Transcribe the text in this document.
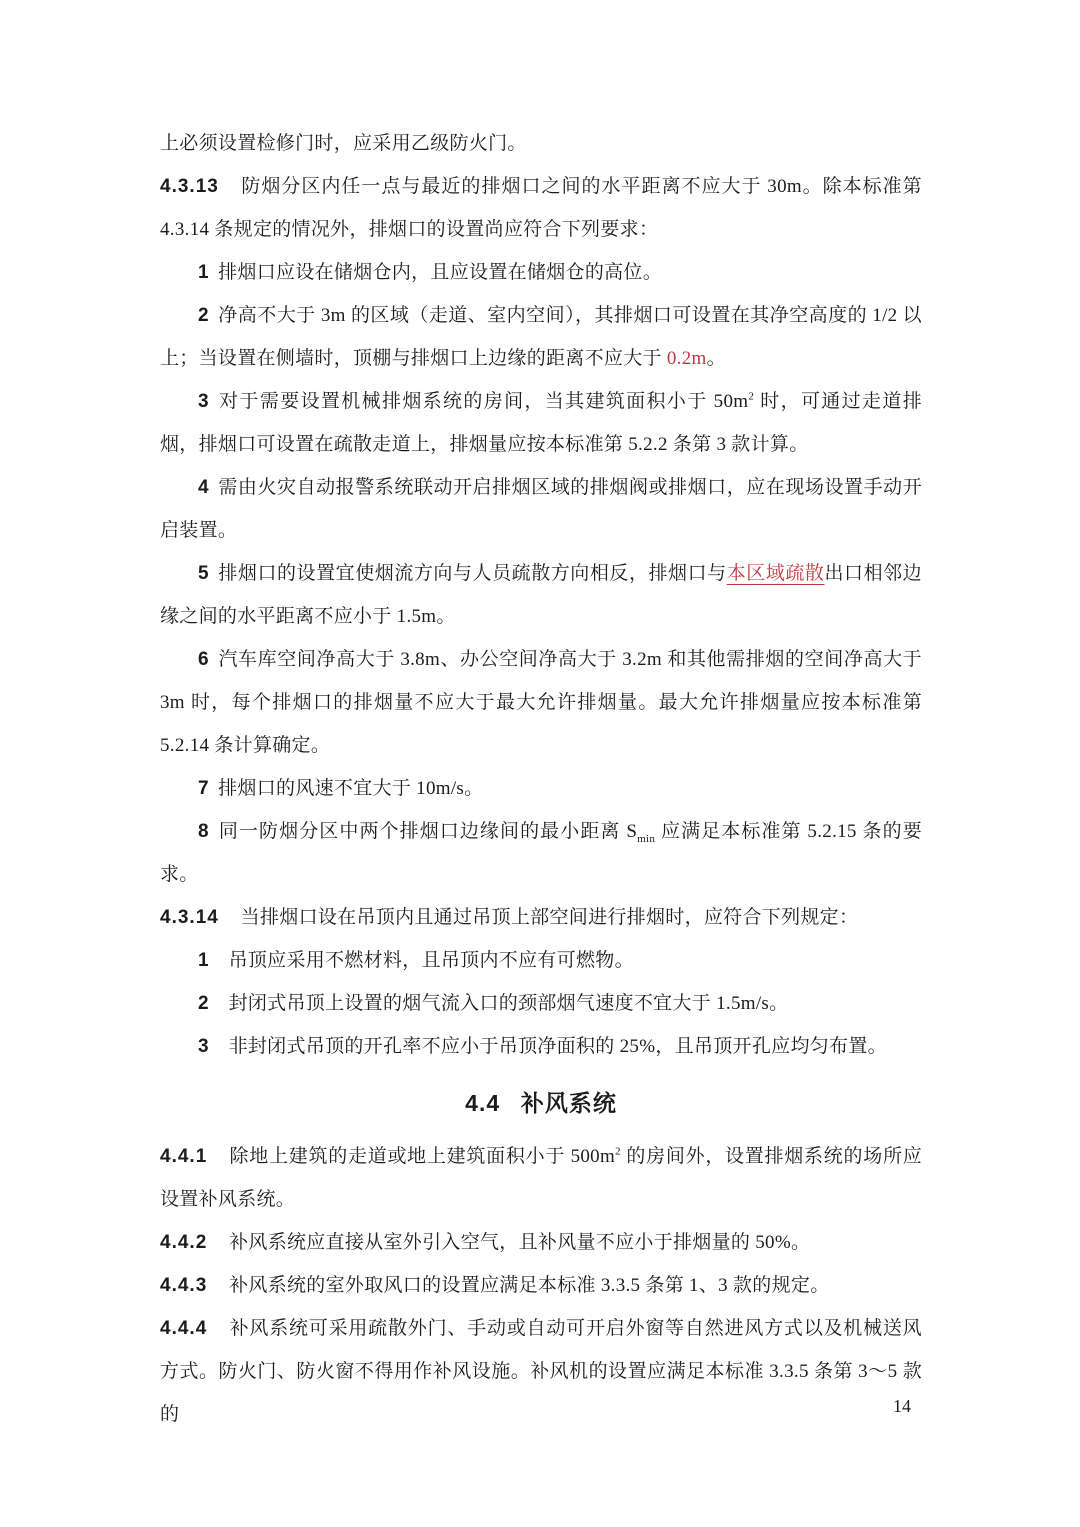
上必须设置检修门时，应采用乙级防火门。

4.3.13 防烟分区内任一点与最近的排烟口之间的水平距离不应大于 30m。除本标准第 4.3.14 条规定的情况外，排烟口的设置尚应符合下列要求：

1 排烟口应设在储烟仓内，且应设置在储烟仓的高位。

2 净高不大于 3m 的区域（走道、室内空间），其排烟口可设置在其净空高度的 1/2 以上；当设置在侧墙时，顶棚与排烟口上边缘的距离不应大于 0.2m。

3 对于需要设置机械排烟系统的房间，当其建筑面积小于 $50m^2$ 时，可通过走道排烟，排烟口可设置在疏散走道上，排烟量应按本标准第 5.2.2 条第 3 款计算。

4 需由火灾自动报警系统联动开启排烟区域的排烟阀或排烟口，应在现场设置手动开启装置。

5 排烟口的设置宜使烟流方向与人员疏散方向相反，排烟口与本区域疏散出口相邻边缘之间的水平距离不应小于 1.5m。

6 汽车库空间净高大于 3.8m、办公空间净高大于 3.2m 和其他需排烟的空间净高大于 3m 时，每个排烟口的排烟量不应大于最大允许排烟量。最大允许排烟量应按本标准第 5.2.14 条计算确定。

7 排烟口的风速不宜大于 10m/s。

8 同一防烟分区中两个排烟口边缘间的最小距离 $S_{min}$ 应满足本标准第 5.2.15 条的要求。

4.3.14 当排烟口设在吊顶内且通过吊顶上部空间进行排烟时，应符合下列规定：

1 吊顶应采用不燃材料，且吊顶内不应有可燃物。

2 封闭式吊顶上设置的烟气流入口的颈部烟气速度不宜大于 1.5m/s。

3 非封闭式吊顶的开孔率不应小于吊顶净面积的 25%，且吊顶开孔应均匀布置。

4.4 补风系统

4.4.1 除地上建筑的走道或地上建筑面积小于 $500m^2$ 的房间外，设置排烟系统的场所应设置补风系统。

4.4.2 补风系统应直接从室外引入空气，且补风量不应小于排烟量的 50%。

4.4.3 补风系统的室外取风口的设置应满足本标准 3.3.5 条第 1、3 款的规定。

4.4.4 补风系统可采用疏散外门、手动或自动可开启外窗等自然进风方式以及机械送风方式。防火门、防火窗不得用作补风设施。补风机的设置应满足本标准 3.3.5 条第 3～5 款的	14
